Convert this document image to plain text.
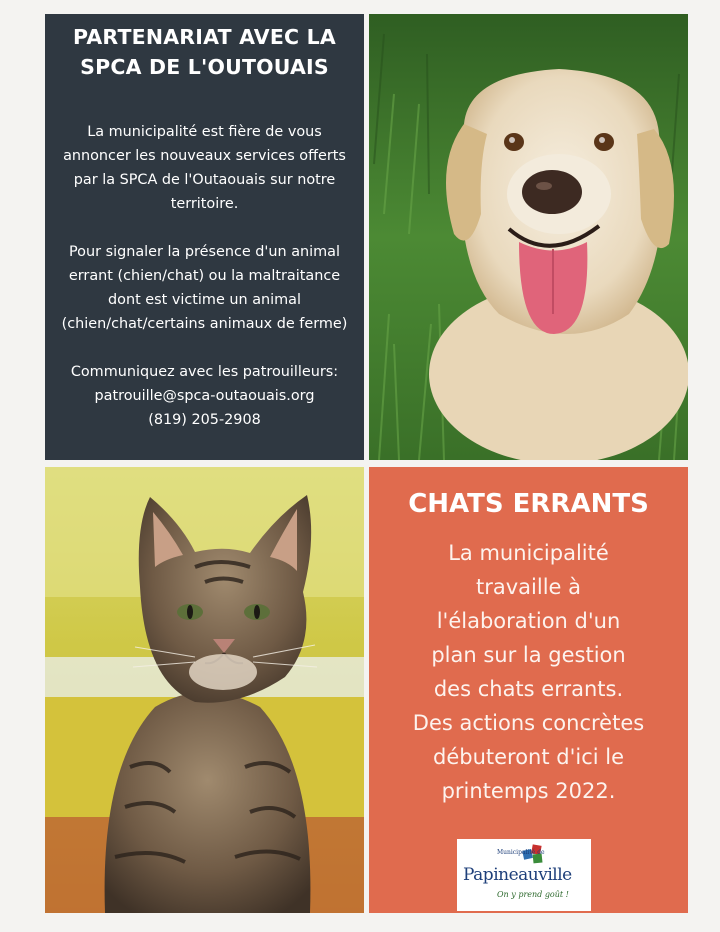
PARTENARIAT AVEC LA
SPCA DE L'OUTOUAIS
La municipalité est fière de vous
annoncer les nouveaux services offerts
par la SPCA de l'Outaouais sur notre
territoire.
Pour signaler la présence d'un animal
errant (chien/chat) ou la maltraitance
dont est victime un animal
(chien/chat/certains animaux de ferme)
Communiquez avec les patrouilleurs:
patrouille@spca-outaouais.org
(819) 205-2908
CHATS ERRANTS
La municipalité
travaille à
l'élaboration d'un
plan sur la gestion
des chats errants.
Des actions concrètes
débuteront d'ici le
printemps 2022.
Municipalité de
Papineauville
On y prend goût !
